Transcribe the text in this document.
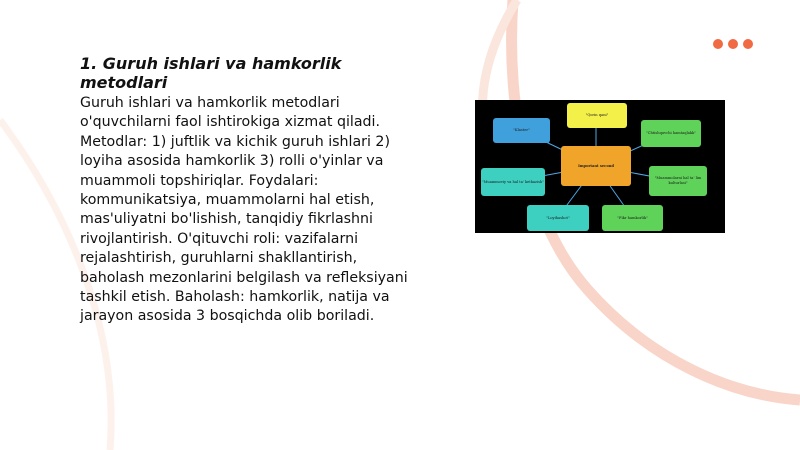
1. Guruh ishlari va hamkorlik metodlari

Guruh ishlari va hamkorlik metodlari o'quvchilarni faol ishtirokiga xizmat qiladi. Metodlar: 1) juftlik va kichik guruh ishlari 2) loyiha asosida hamkorlik 3) rolli o'yinlar va muammoli topshiriqlar. Foydalari: kommunikatsiya, muammolarni hal etish, mas'uliyatni bo'lishish, tanqidiy fikrlashni rivojlantirish. O'qituvchi roli: vazifalarni rejalashtirish, guruhlarni shakllantirish, baholash mezonlarini belgilash va refleksiyani tashkil etish. Baholash: hamkorlik, natija va jarayon asosida 3 bosqichda olib boriladi.

"Klaster"
"Qorin qani"
"Chtishquvchi hamtaqlakk"
Important second
"Muammoviy va hal ta' ketkazish"
"Loyihashot"	"Fikr hamkorlik"
"Muammolarni hal ta' lim kulturlasi"
